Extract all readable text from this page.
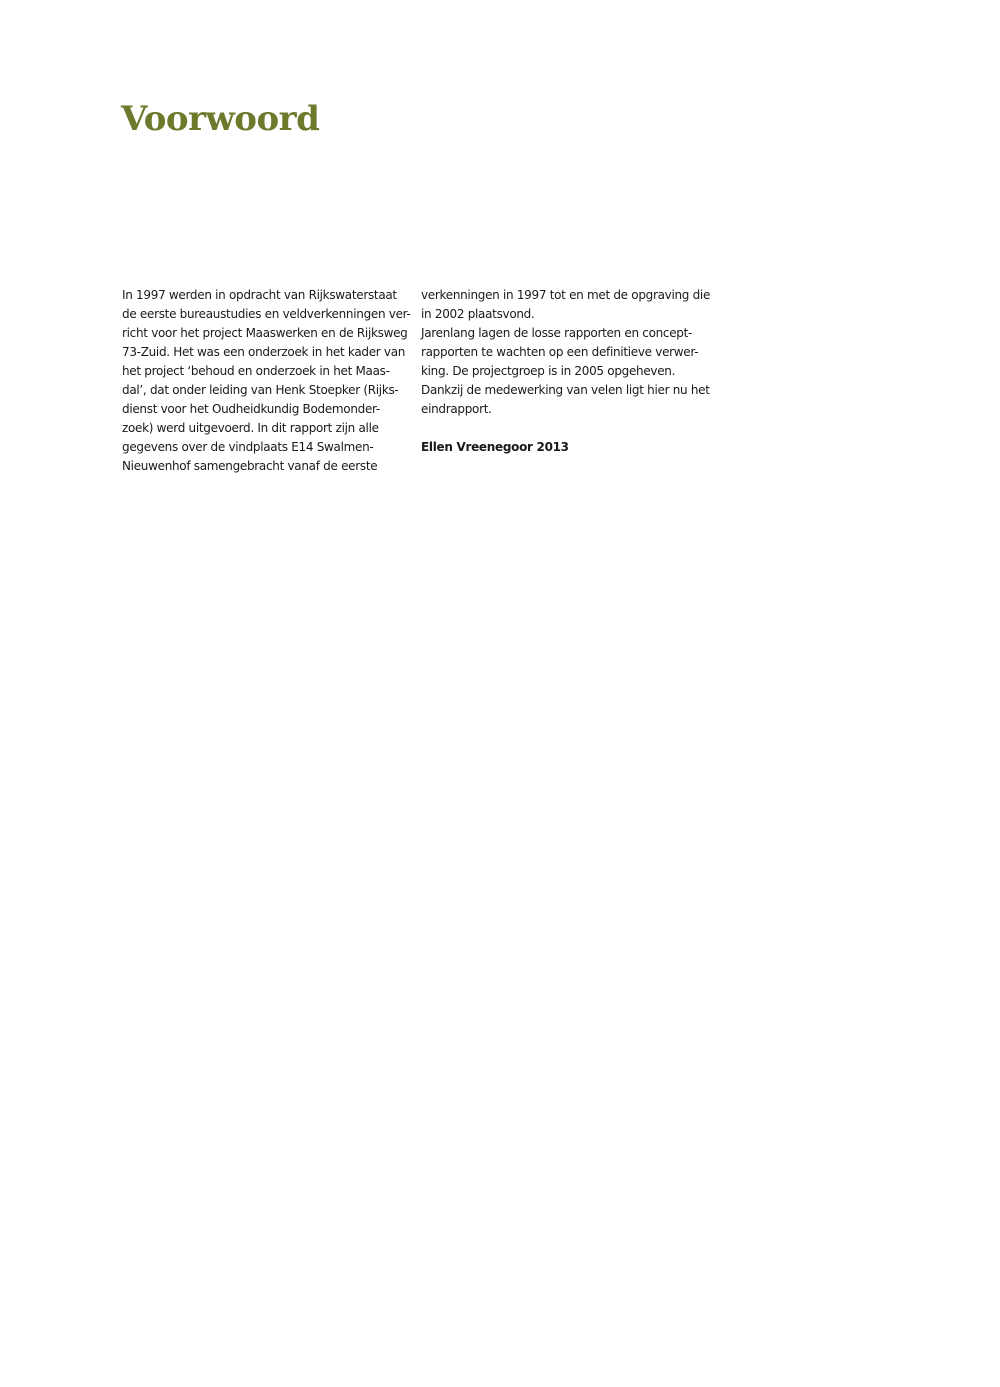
Voorwoord
In 1997 werden in opdracht van Rijkswaterstaat
de eerste bureaustudies en veldverkenningen ver-
richt voor het project Maaswerken en de Rijksweg
73-Zuid. Het was een onderzoek in het kader van
het project ‘behoud en onderzoek in het Maas-
dal’, dat onder leiding van Henk Stoepker (Rijks-
dienst voor het Oudheidkundig Bodemonder-
zoek) werd uitgevoerd. In dit rapport zijn alle
gegevens over de vindplaats E14 Swalmen-
Nieuwenhof samengebracht vanaf de eerste
verkenningen in 1997 tot en met de opgraving die
in 2002 plaatsvond.
Jarenlang lagen de losse rapporten en concept-
rapporten te wachten op een definitieve verwer-
king. De projectgroep is in 2005 opgeheven.
Dankzij de medewerking van velen ligt hier nu het
eindrapport.
Ellen Vreenegoor 2013
